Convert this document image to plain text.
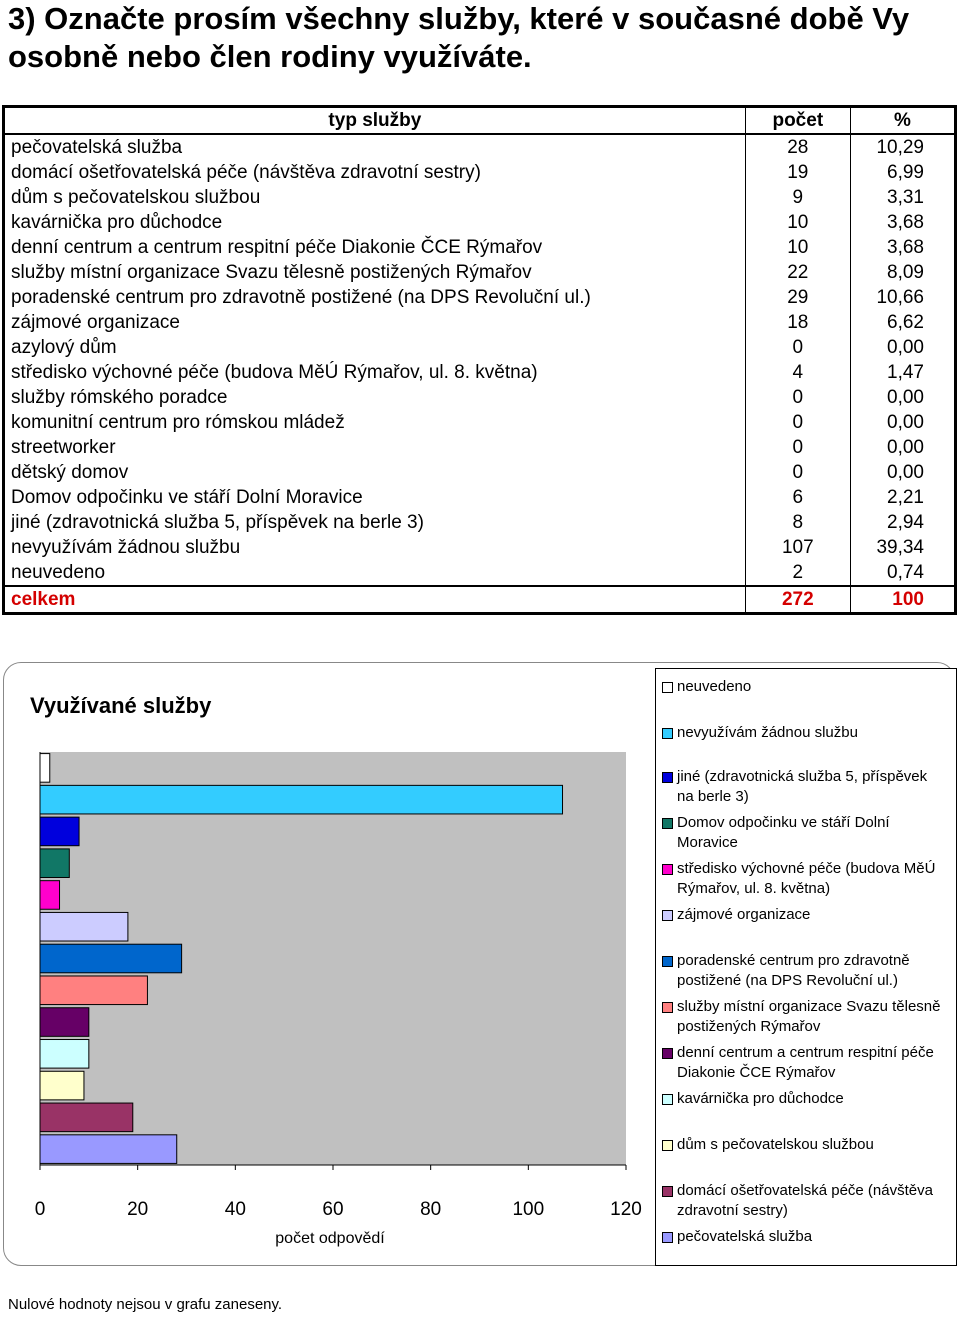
3) Označte prosím všechny služby, které v současné době Vy osobně nebo člen rodiny využíváte.
typ služby	počet	%
pečovatelská služba	28	10,29
domácí ošetřovatelská péče (návštěva zdravotní sestry)	19	6,99
dům s pečovatelskou službou	9	3,31
kavárnička pro důchodce	10	3,68
denní centrum a centrum respitní péče Diakonie ČCE Rýmařov	10	3,68
služby místní organizace Svazu tělesně postižených Rýmařov	22	8,09
poradenské centrum pro zdravotně postižené (na DPS Revoluční ul.)	29	10,66
zájmové organizace	18	6,62
azylový dům	0	0,00
středisko výchovné péče (budova MěÚ Rýmařov, ul. 8. května)	4	1,47
služby rómského poradce	0	0,00
komunitní centrum pro rómskou mládež	0	0,00
streetworker	0	0,00
dětský domov	0	0,00
Domov odpočinku ve stáří Dolní Moravice	6	2,21
jiné (zdravotnická služba 5, příspěvek na berle 3)	8	2,94
nevyužívám žádnou službu	107	39,34
neuvedeno	2	0,74
celkem	272	100
Využívané služby
0	20	40	60	80	100	120
počet odpovědí
neuvedeno
nevyužívám žádnou službu
jiné (zdravotnická služba 5, příspěvek na berle 3)
Domov odpočinku ve stáří Dolní Moravice
středisko výchovné péče (budova MěÚ Rýmařov, ul. 8. května)
zájmové organizace
poradenské centrum pro zdravotně postižené (na DPS Revoluční ul.)
služby místní organizace Svazu tělesně postižených Rýmařov
denní centrum a centrum respitní péče Diakonie ČCE Rýmařov
kavárnička pro důchodce
dům s pečovatelskou službou
domácí ošetřovatelská péče (návštěva zdravotní sestry)
pečovatelská služba
Nulové hodnoty nejsou v grafu zaneseny.
